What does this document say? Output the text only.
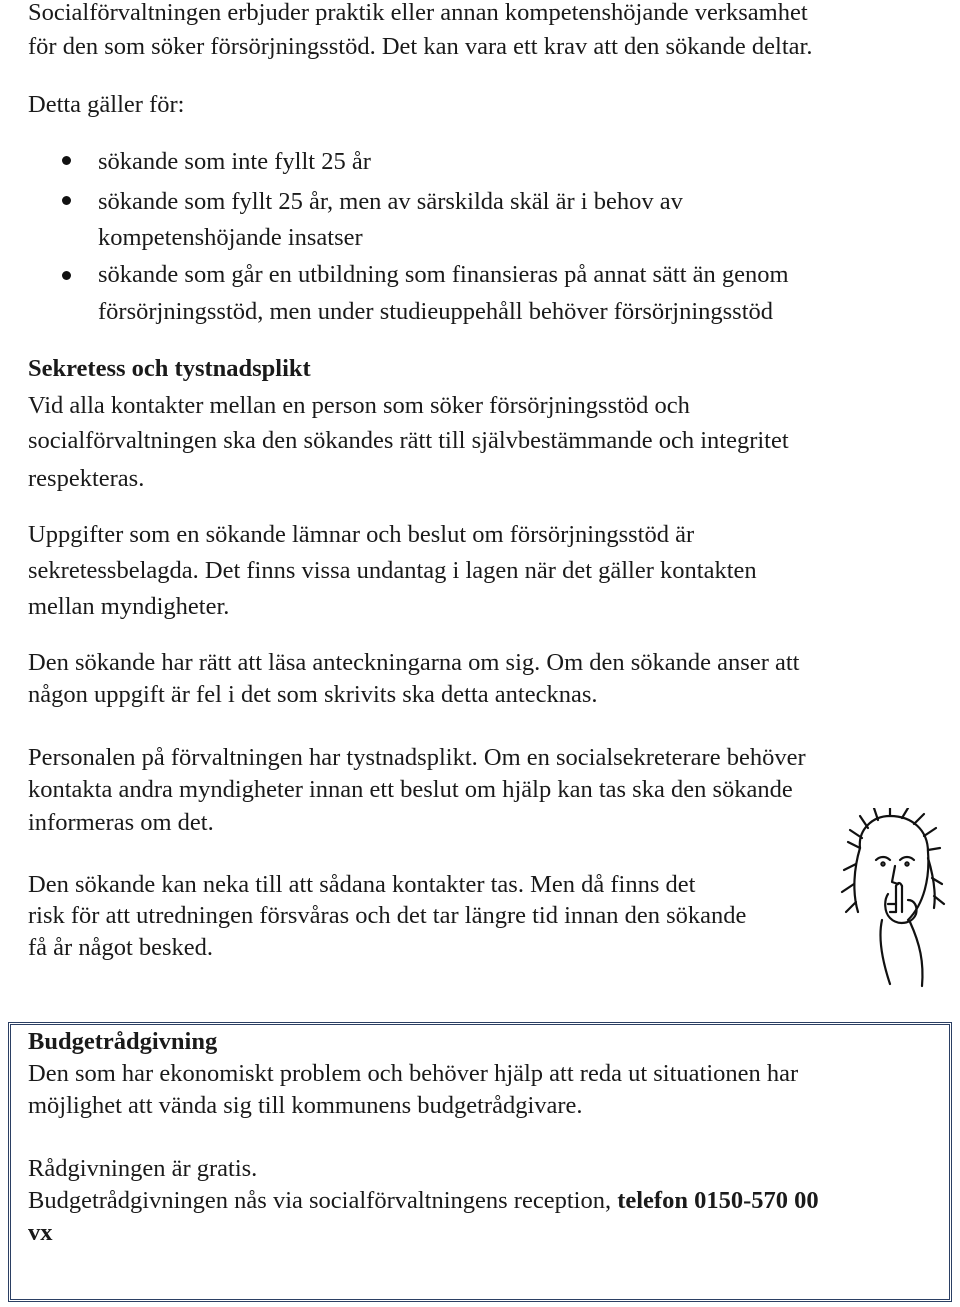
Socialförvaltningen erbjuder praktik eller annan kompetenshöjande verksamhet
för den som söker försörjningsstöd. Det kan vara ett krav att den sökande deltar.
Detta gäller för:
sökande som inte fyllt 25 år
sökande som fyllt 25 år, men av särskilda skäl är i behov av
kompetenshöjande insatser
sökande som går en utbildning som finansieras på annat sätt än genom
försörjningsstöd, men under studieuppehåll behöver försörjningsstöd
Sekretess och tystnadsplikt
Vid alla kontakter mellan en person som söker försörjningsstöd och
socialförvaltningen ska den sökandes rätt till självbestämmande och integritet
respekteras.
Uppgifter som en sökande lämnar och beslut om försörjningsstöd är
sekretessbelagda. Det finns vissa undantag i lagen när det gäller kontakten
mellan myndigheter.
Den sökande har rätt att läsa anteckningarna om sig. Om den sökande anser att
någon uppgift är fel i det som skrivits ska detta antecknas.
Personalen på förvaltningen har tystnadsplikt. Om en socialsekreterare behöver
kontakta andra myndigheter innan ett beslut om hjälp kan tas ska den sökande
informeras om det.
Den sökande kan neka till att sådana kontakter tas. Men då finns det
risk för att utredningen försvåras och det tar längre tid innan den sökande
få år något besked.
Budgetrådgivning
Den som har ekonomiskt problem och behöver hjälp att reda ut situationen har
möjlighet att vända sig till kommunens budgetrådgivare.
Rådgivningen är gratis.
Budgetrådgivningen nås via socialförvaltningens reception, telefon 0150-570 00
vx
